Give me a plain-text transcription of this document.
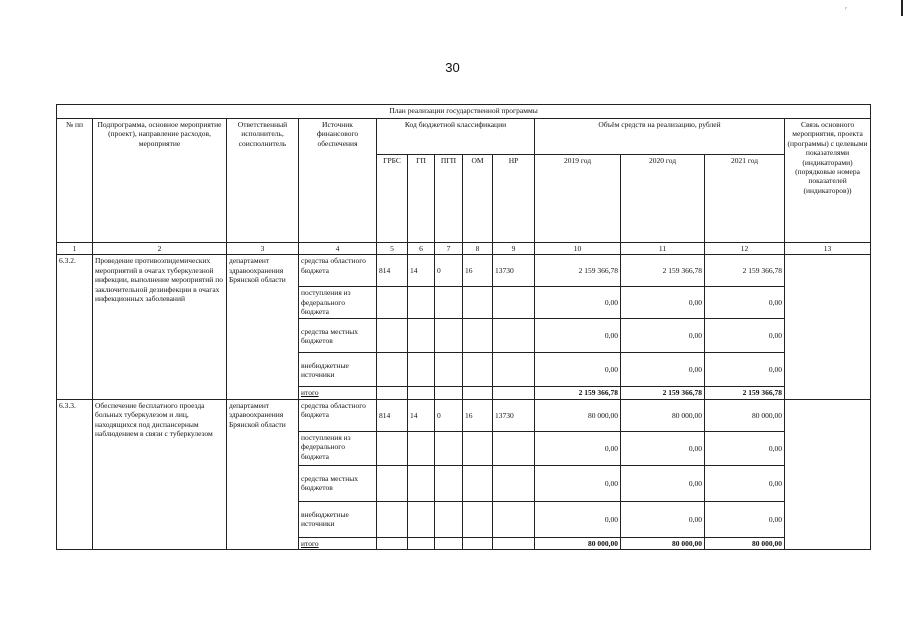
′
30
План реализации государственной программы												
№ пп	Подпрограмма, основное мероприятие (проект), направление расходов, мероприятие	Ответственный исполнитель, соисполнитель	Источник финансового обеспечения	Код бюджетной классификации					Объём средств на реализацию, рублей			Связь основного мероприятия, проекта (программы) с целевыми показателями (индикаторами) (порядковые номера показателей (индикаторов))
				ГРБС	ГП	ПГП	ОМ	НР	2019 год	2020 год	2021 год	
1	2	3	4	5	6	7	8	9	10	11	12	13
6.3.2.	Проведение противоэпидемических мероприятий в очагах туберкулезной инфекции, выполнение мероприятий по заключительной дезинфекции в очагах инфекционных заболеваний	департамент здравоохранения Брянской области	средства областного бюджета	814	14	0	16	13730	2 159 366,78	2 159 366,78	2 159 366,78	
			поступления из федерального бюджета						0,00	0,00	0,00	
			средства местных бюджетов						0,00	0,00	0,00	
			внебюджетные источники						0,00	0,00	0,00	
			итого						2 159 366,78	2 159 366,78	2 159 366,78	
6.3.3.	Обеспечение бесплатного проезда больных туберкулезом и лиц, находящихся под диспансерным наблюдением в связи с туберкулезом	департамент здравоохранения Брянской области	средства областного бюджета	814	14	0	16	13730	80 000,00	80 000,00	80 000,00	
			поступления из федерального бюджета						0,00	0,00	0,00	
			средства местных бюджетов						0,00	0,00	0,00	
			внебюджетные источники						0,00	0,00	0,00	
			итого						80 000,00	80 000,00	80 000,00	
